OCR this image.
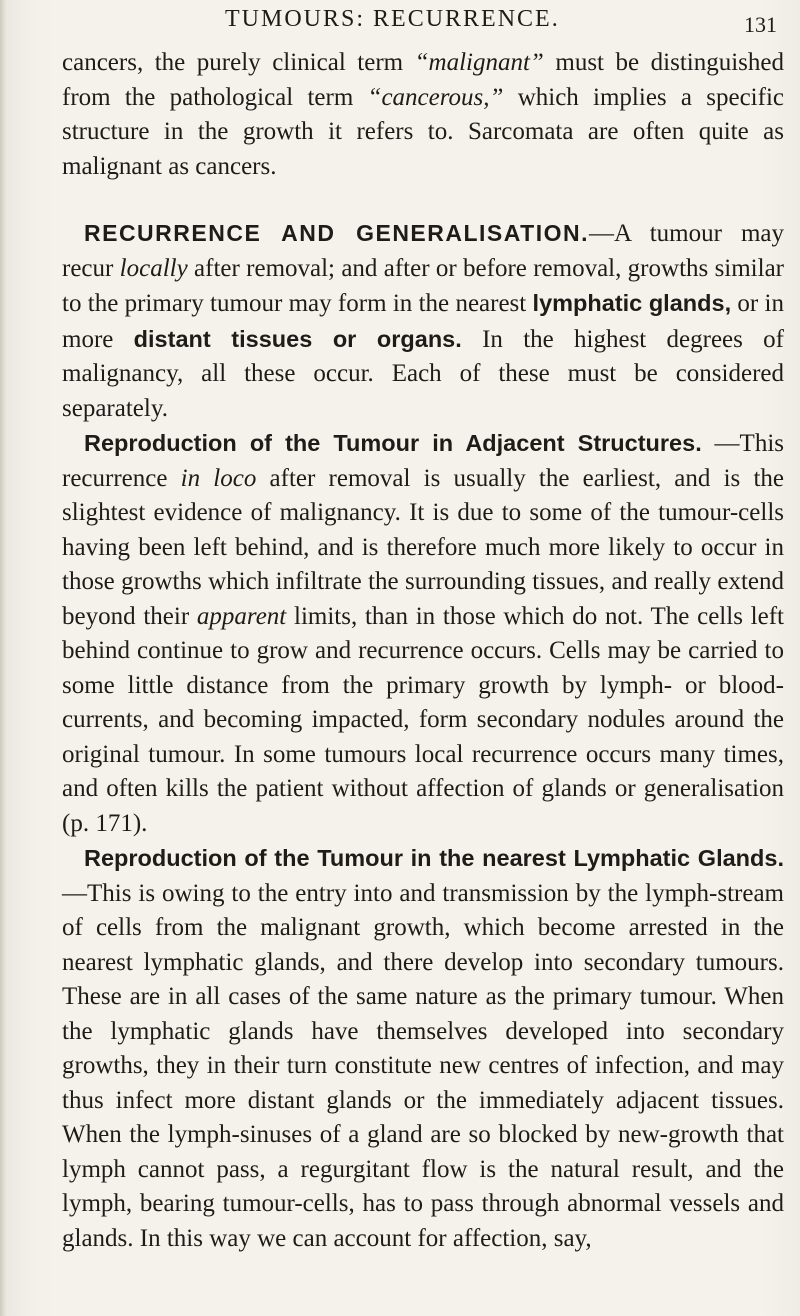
TUMOURS: RECURRENCE.	131

cancers, the purely clinical term “malignant” must be distinguished from the pathological term “cancerous,” which implies a specific structure in the growth it refers to. Sarcomata are often quite as malignant as cancers.

RECURRENCE AND GENERALISATION.—A tumour may recur locally after removal; and after or before removal, growths similar to the primary tumour may form in the nearest lymphatic glands, or in more distant tissues or organs. In the highest degrees of malignancy, all these occur. Each of these must be considered separately.

Reproduction of the Tumour in Adjacent Structures. —This recurrence in loco after removal is usually the earliest, and is the slightest evidence of malignancy. It is due to some of the tumour-cells having been left behind, and is therefore much more likely to occur in those growths which infiltrate the surrounding tissues, and really extend beyond their apparent limits, than in those which do not. The cells left behind continue to grow and recurrence occurs. Cells may be carried to some little distance from the primary growth by lymph- or blood-currents, and becoming impacted, form secondary nodules around the original tumour. In some tumours local recurrence occurs many times, and often kills the patient without affection of glands or generalisation (p. 171).

Reproduction of the Tumour in the nearest Lymphatic Glands.—This is owing to the entry into and transmission by the lymph-stream of cells from the malignant growth, which become arrested in the nearest lymphatic glands, and there develop into secondary tumours. These are in all cases of the same nature as the primary tumour. When the lymphatic glands have themselves developed into secondary growths, they in their turn constitute new centres of infection, and may thus infect more distant glands or the immediately adjacent tissues. When the lymph-sinuses of a gland are so blocked by new-growth that lymph cannot pass, a regurgitant flow is the natural result, and the lymph, bearing tumour-cells, has to pass through abnormal vessels and glands. In this way we can account for affection, say,
